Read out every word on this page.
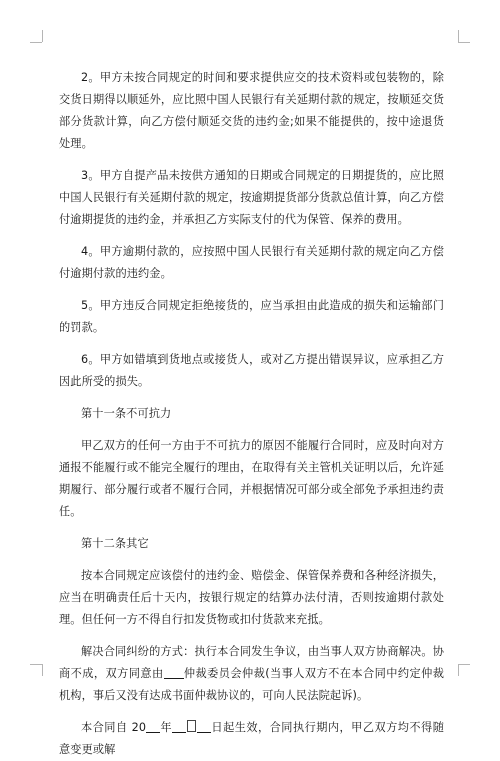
2。甲方未按合同规定的时间和要求提供应交的技术资料或包装物的，除交货日期得以顺延外，应比照中国人民银行有关延期付款的规定，按顺延交货部分货款计算，向乙方偿付顺延交货的违约金;如果不能提供的，按中途退货处理。

3。甲方自提产品未按供方通知的日期或合同规定的日期提货的，应比照中国人民银行有关延期付款的规定，按逾期提货部分货款总值计算，向乙方偿付逾期提货的违约金，并承担乙方实际支付的代为保管、保养的费用。

4。甲方逾期付款的，应按照中国人民银行有关延期付款的规定向乙方偿付逾期付款的违约金。

5。甲方违反合同规定拒绝接货的，应当承担由此造成的损失和运输部门的罚款。

6。甲方如错填到货地点或接货人，或对乙方提出错误异议，应承担乙方因此所受的损失。

第十一条不可抗力

甲乙双方的任何一方由于不可抗力的原因不能履行合同时，应及时向对方通报不能履行或不能完全履行的理由，在取得有关主管机关证明以后，允许延期履行、部分履行或者不履行合同，并根据情况可部分或全部免予承担违约责任。

第十二条其它

按本合同规定应该偿付的违约金、赔偿金、保管保养费和各种经济损失，应当在明确责任后十天内，按银行规定的结算办法付清，否则按逾期付款处理。但任何一方不得自行扣发货物或扣付货款来充抵。

解决合同纠纷的方式：执行本合同发生争议，由当事人双方协商解决。协商不成，双方同意由 仲裁委员会仲裁(当事人双方不在本合同中约定仲裁机构，事后又没有达成书面仲裁协议的，可向人民法院起诉)。

本合同自 20 年	日起生效，合同执行期内，甲乙双方均不得随意变更或解
